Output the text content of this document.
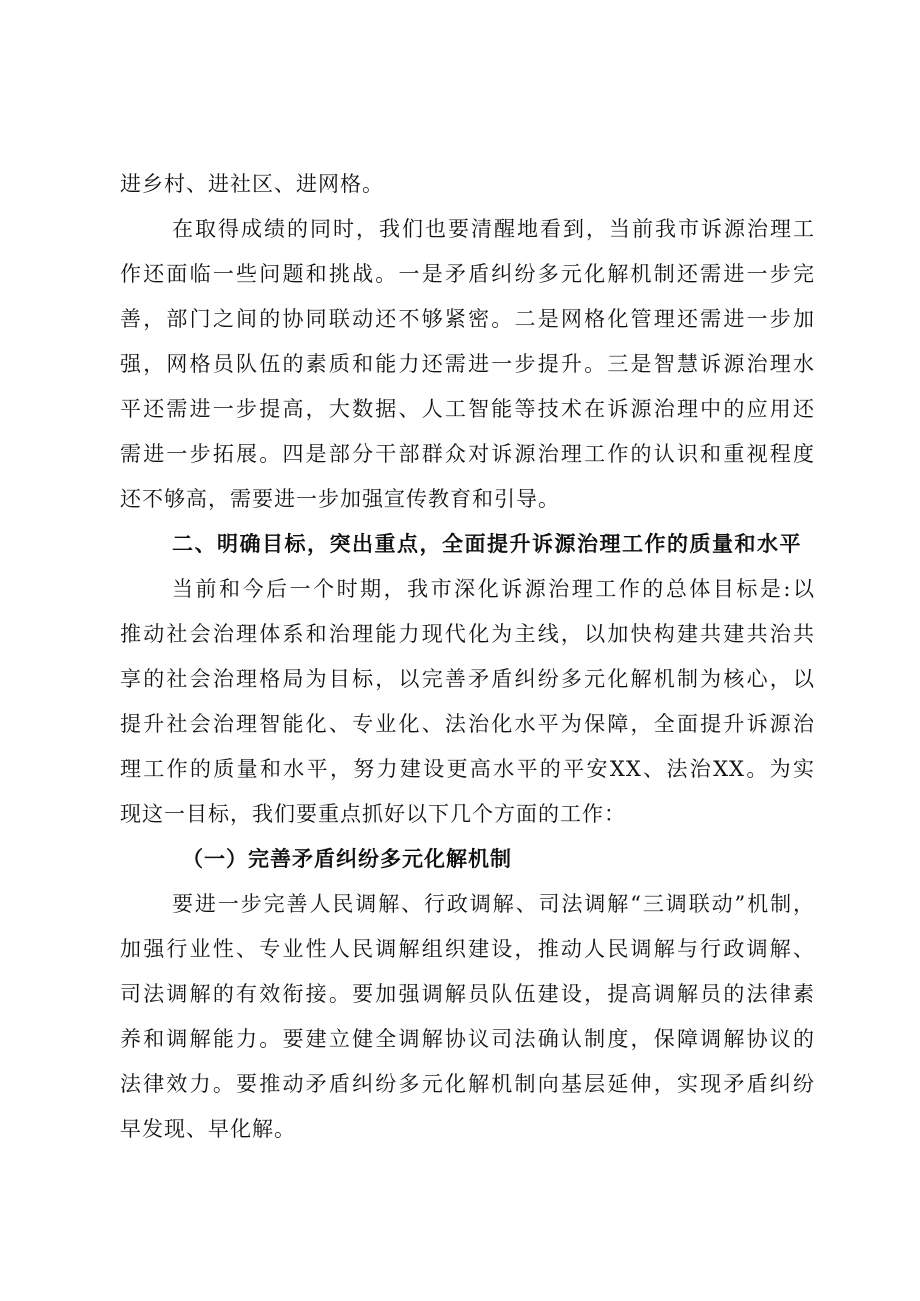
进乡村、进社区、进网格。
在取得成绩的同时，我们也要清醒地看到，当前我市诉源治理工
作还面临一些问题和挑战。一是矛盾纠纷多元化解机制还需进一步完
善，部门之间的协同联动还不够紧密。二是网格化管理还需进一步加
强，网格员队伍的素质和能力还需进一步提升。三是智慧诉源治理水
平还需进一步提高，大数据、人工智能等技术在诉源治理中的应用还
需进一步拓展。四是部分干部群众对诉源治理工作的认识和重视程度
还不够高，需要进一步加强宣传教育和引导。
二、明确目标，突出重点，全面提升诉源治理工作的质量和水平
当前和今后一个时期，我市深化诉源治理工作的总体目标是:以
推动社会治理体系和治理能力现代化为主线，以加快构建共建共治共
享的社会治理格局为目标，以完善矛盾纠纷多元化解机制为核心，以
提升社会治理智能化、专业化、法治化水平为保障，全面提升诉源治
理工作的质量和水平，努力建设更高水平的平安XX、法治XX。为实
现这一目标，我们要重点抓好以下几个方面的工作：
（一）完善矛盾纠纷多元化解机制
要进一步完善人民调解、行政调解、司法调解“三调联动”机制，
加强行业性、专业性人民调解组织建设，推动人民调解与行政调解、
司法调解的有效衔接。要加强调解员队伍建设，提高调解员的法律素
养和调解能力。要建立健全调解协议司法确认制度，保障调解协议的
法律效力。要推动矛盾纠纷多元化解机制向基层延伸，实现矛盾纠纷
早发现、早化解。
